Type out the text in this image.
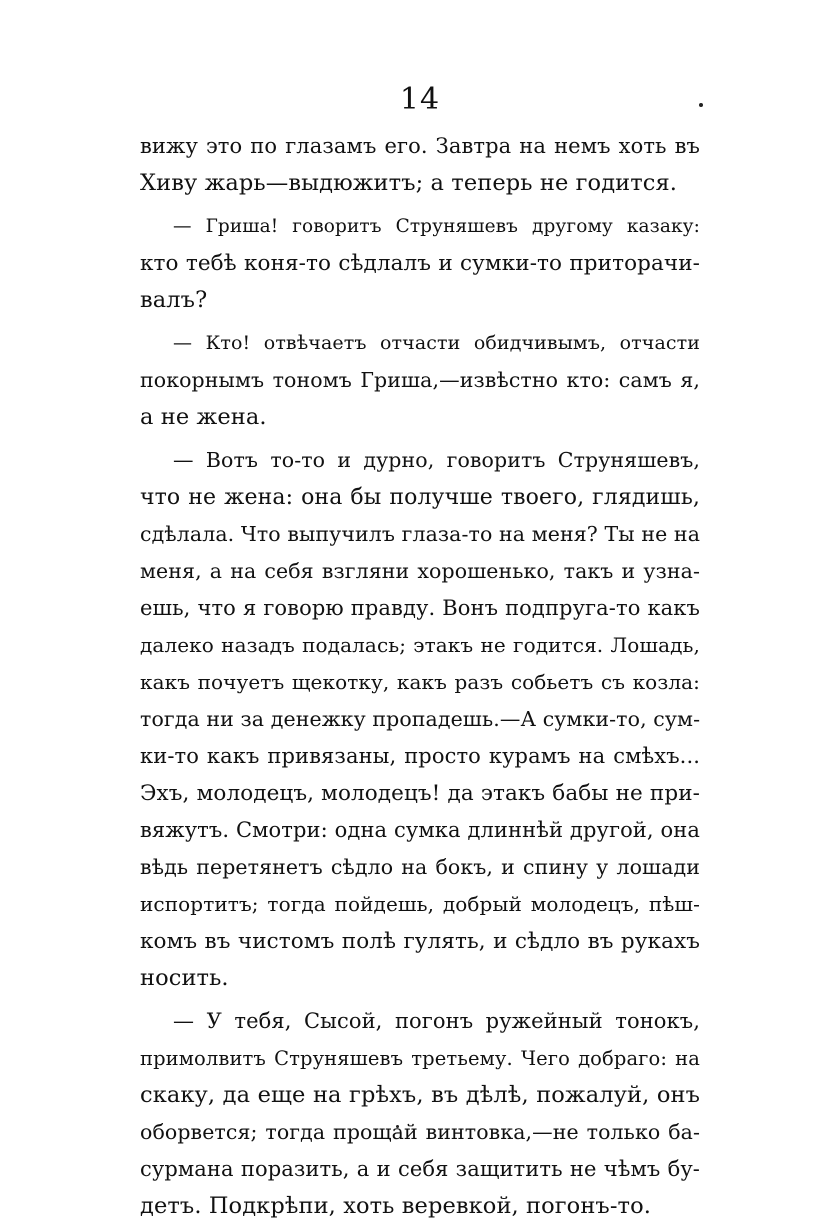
14
вижу это по глазамъ его. Завтра на немъ хоть въ
Хиву жарь—выдюжитъ; а теперь не годится.
— Гриша! говоритъ Струняшевъ другому казаку:
кто тебѣ коня-то сѣдлалъ и сумки-то приторачи-
валъ?
— Кто! отвѣчаетъ отчасти обидчивымъ, отчасти
покорнымъ тономъ Гриша,—извѣстно кто: самъ я,
а не жена.
— Вотъ то-то и дурно, говоритъ Струняшевъ,
что не жена: она бы получше твоего, глядишь,
сдѣлала. Что выпучилъ глаза-то на меня? Ты не на
меня, а на себя взгляни хорошенько, такъ и узна-
ешь, что я говорю правду. Вонъ подпруга-то какъ
далеко назадъ подалась; этакъ не годится. Лошадь,
какъ почуетъ щекотку, какъ разъ собьетъ съ козла:
тогда ни за денежку пропадешь.—А сумки-то, сум-
ки-то какъ привязаны, просто курамъ на смѣхъ...
Эхъ, молодецъ, молодецъ! да этакъ бабы не при-
вяжутъ. Смотри: одна сумка длиннѣй другой, она
вѣдь перетянетъ сѣдло на бокъ, и спину у лошади
испортитъ; тогда пойдешь, добрый молодецъ, пѣш-
комъ въ чистомъ полѣ гулять, и сѣдло въ рукахъ
носить.
— У тебя, Сысой, погонъ ружейный тонокъ,
примолвитъ Струняшевъ третьему. Чего добраго: на
скаку, да еще на грѣхъ, въ дѣлѣ, пожалуй, онъ
оборвется; тогда прощай винтовка,—не только ба-
сурмана поразить, а и себя защитить не чѣмъ бу-
детъ. Подкрѣпи, хоть веревкой, погонъ-то.
